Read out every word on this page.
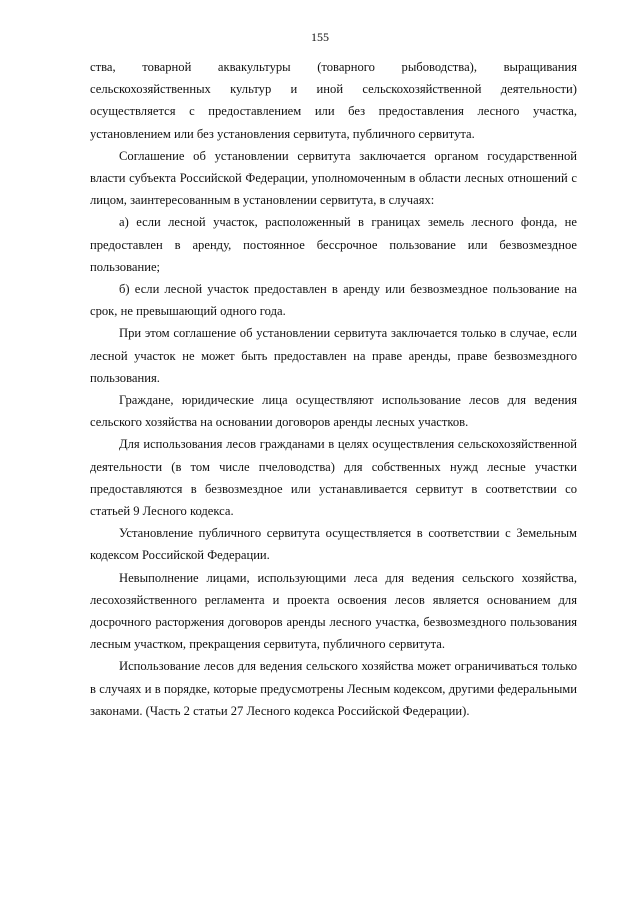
155

ства, товарной аквакультуры (товарного рыбоводства), выращивания сельскохозяйственных культур и иной сельскохозяйственной деятельности) осуществляется с предоставлением или без предоставления лесного участка, установлением или без установления сервитута, публичного сервитута.

Соглашение об установлении сервитута заключается органом государственной власти субъекта Российской Федерации, уполномоченным в области лесных отношений с лицом, заинтересованным в установлении сервитута, в случаях:

а) если лесной участок, расположенный в границах земель лесного фонда, не предоставлен в аренду, постоянное бессрочное пользование или безвозмездное пользование;

б) если лесной участок предоставлен в аренду или безвозмездное пользование на срок, не превышающий одного года.

При этом соглашение об установлении сервитута заключается только в случае, если лесной участок не может быть предоставлен на праве аренды, праве безвозмездного пользования.

Граждане, юридические лица осуществляют использование лесов для ведения сельского хозяйства на основании договоров аренды лесных участков.

Для использования лесов гражданами в целях осуществления сельскохозяйственной деятельности (в том числе пчеловодства) для собственных нужд лесные участки предоставляются в безвозмездное или устанавливается сервитут в соответствии со статьей 9 Лесного кодекса.

Установление публичного сервитута осуществляется в соответствии с Земельным кодексом Российской Федерации.

Невыполнение лицами, использующими леса для ведения сельского хозяйства, лесохозяйственного регламента и проекта освоения лесов является основанием для досрочного расторжения договоров аренды лесного участка, безвозмездного пользования лесным участком, прекращения сервитута, публичного сервитута.

Использование лесов для ведения сельского хозяйства может ограничиваться только в случаях и в порядке, которые предусмотрены Лесным кодексом, другими федеральными законами. (Часть 2 статьи 27 Лесного кодекса Российской Федерации).
